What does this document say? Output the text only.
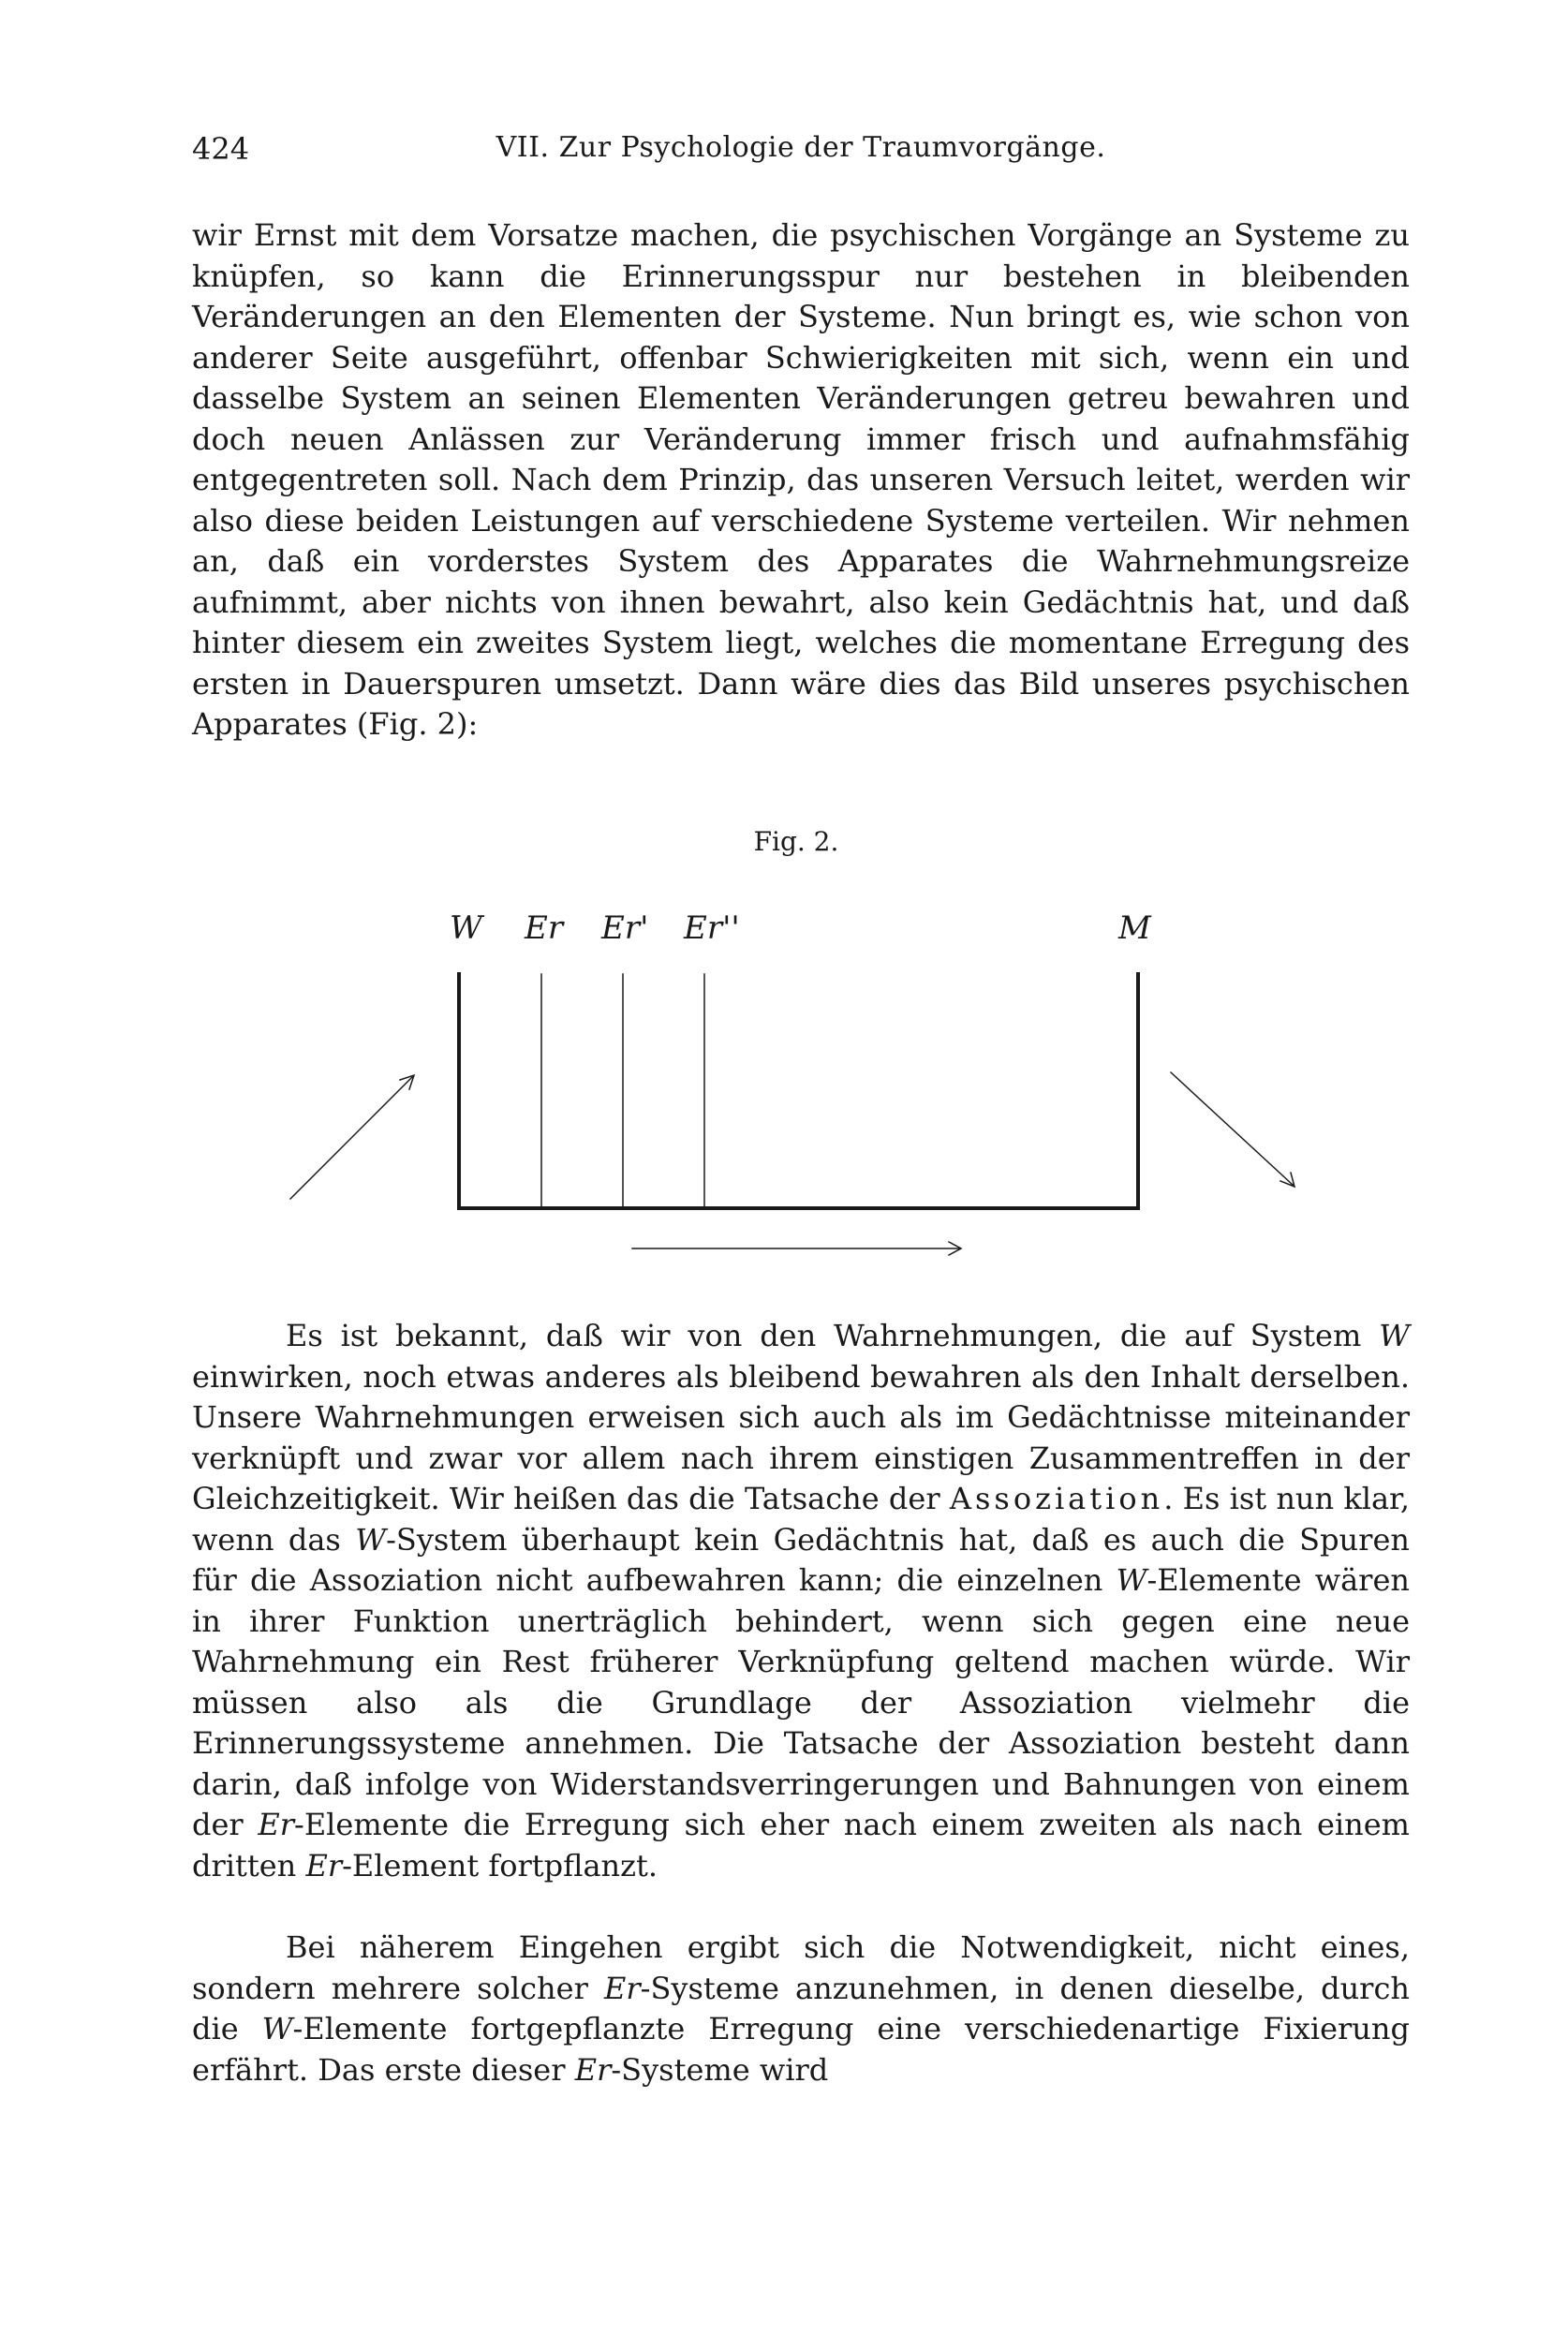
424	VII. Zur Psychologie der Traumvorgänge.

wir Ernst mit dem Vorsatze machen, die psychischen Vorgänge an Systeme zu knüpfen, so kann die Erinnerungsspur nur bestehen in bleibenden Veränderungen an den Elementen der Systeme. Nun bringt es, wie schon von anderer Seite ausgeführt, offenbar Schwierigkeiten mit sich, wenn ein und dasselbe System an seinen Elementen Veränderungen getreu bewahren und doch neuen Anlässen zur Veränderung immer frisch und aufnahmsfähig entgegentreten soll. Nach dem Prinzip, das unseren Versuch leitet, werden wir also diese beiden Leistungen auf verschiedene Systeme verteilen. Wir nehmen an, daß ein vorderstes System des Apparates die Wahrnehmungsreize aufnimmt, aber nichts von ihnen bewahrt, also kein Gedächtnis hat, und daß hinter diesem ein zweites System liegt, welches die momentane Erregung des ersten in Dauerspuren umsetzt. Dann wäre dies das Bild unseres psychischen Apparates (Fig. 2):

Fig. 2.
W Er Er' Er''	M

Es ist bekannt, daß wir von den Wahrnehmungen, die auf System W einwirken, noch etwas anderes als bleibend bewahren als den Inhalt derselben. Unsere Wahrnehmungen erweisen sich auch als im Gedächtnisse miteinander verknüpft und zwar vor allem nach ihrem einstigen Zusammentreffen in der Gleichzeitigkeit. Wir heißen das die Tatsache der Assoziation. Es ist nun klar, wenn das W-System überhaupt kein Gedächtnis hat, daß es auch die Spuren für die Assoziation nicht aufbewahren kann; die einzelnen W-Elemente wären in ihrer Funktion unerträglich behindert, wenn sich gegen eine neue Wahrnehmung ein Rest früherer Verknüpfung geltend machen würde. Wir müssen also als die Grundlage der Assoziation vielmehr die Erinnerungssysteme annehmen. Die Tatsache der Assoziation besteht dann darin, daß infolge von Widerstandsverringerungen und Bahnungen von einem der Er-Elemente die Erregung sich eher nach einem zweiten als nach einem dritten Er-Element fortpflanzt.

Bei näherem Eingehen ergibt sich die Notwendigkeit, nicht eines, sondern mehrere solcher Er-Systeme anzunehmen, in denen dieselbe, durch die W-Elemente fortgepflanzte Erregung eine verschiedenartige Fixierung erfährt. Das erste dieser Er-Systeme wird
